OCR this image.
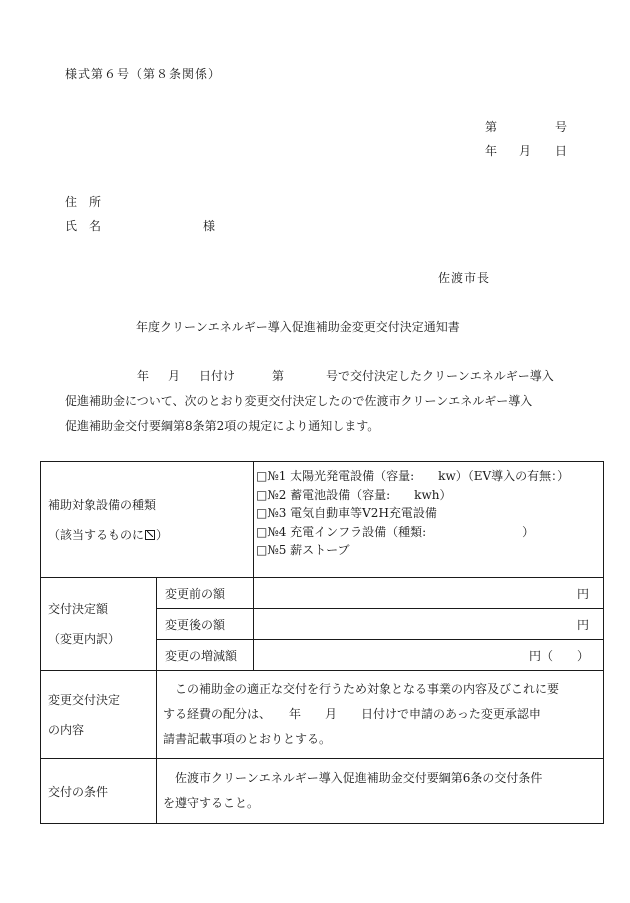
様式第６号（第８条関係）
第	号
年 月 日
住　所
氏　名	様
佐渡市長
年度クリーンエネルギー導入促進補助金変更交付決定通知書
年 月 日付け	第	号で交付決定したクリーンエネルギー導入
促進補助金について、次のとおり変更交付決定したので佐渡市クリーンエネルギー導入
促進補助金交付要綱第8条第2項の規定により通知します。
補助対象設備の種類
（該当するものに ）		□№1 太陽光発電設備（容量:　　kw）（EV導入の有無：）
□№2 蓄電池設備（容量:　　kwh）
□№3 電気自動車等V2H充電設備
□№4 充電インフラ設備（種類:　　　　　　　　）
□№5 薪ストーブ

交付決定額
（変更内訳）	変更前の額	円
	変更後の額	円
	変更の増減額	円（　　）

変更交付決定
の内容	この補助金の適正な交付を行うため対象となる事業の内容及びこれに要
する経費の配分は、　　年　　月　　日付けで申請のあった変更承認申
請書記載事項のとおりとする。	

交付の条件	佐渡市クリーンエネルギー導入促進補助金交付要綱第6条の交付条件
を遵守すること。	
